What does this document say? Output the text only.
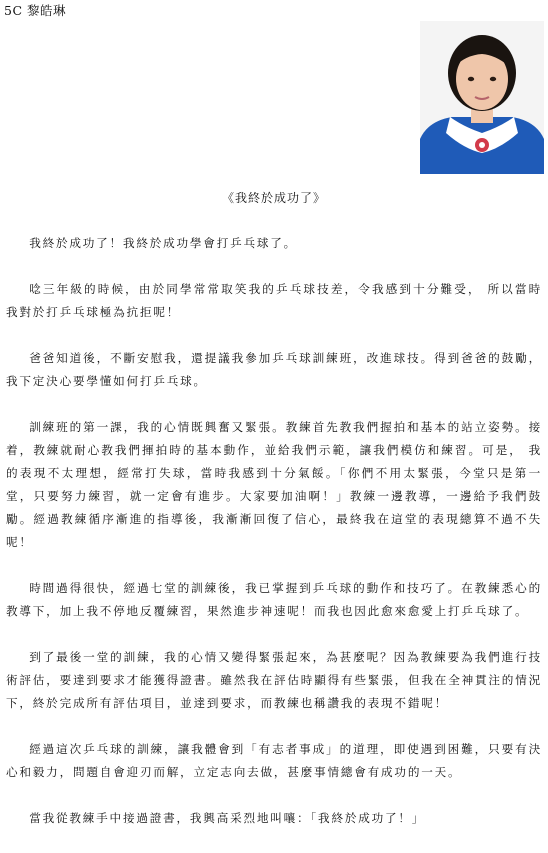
5C 黎皓琳
《我終於成功了》

我終於成功了！我終於成功學會打乒乓球了。

唸三年級的時候，由於同學常常取笑我的乒乓球技差，令我感到十分難受， 所以當時我對於打乒乓球極為抗拒呢！

爸爸知道後，不斷安慰我，還提議我參加乒乓球訓練班，改進球技。得到爸爸的鼓勵，我下定決心要學懂如何打乒乓球。

訓練班的第一課，我的心情既興奮又緊張。教練首先教我們握拍和基本的站立姿勢。接着，教練就耐心教我們揮拍時的基本動作，並給我們示範，讓我們模仿和練習。可是， 我的表現不太理想，經常打失球，當時我感到十分氣餒。「你們不用太緊張，今堂只是第一堂，只要努力練習，就一定會有進步。大家要加油啊！」教練一邊教導，一邊給予我們鼓勵。經過教練循序漸進的指導後，我漸漸回復了信心，最終我在這堂的表現總算不過不失呢！

時間過得很快，經過七堂的訓練後，我已掌握到乒乓球的動作和技巧了。在教練悉心的教導下，加上我不停地反覆練習，果然進步神速呢！而我也因此愈來愈愛上打乒乓球了。

到了最後一堂的訓練，我的心情又變得緊張起來，為甚麼呢？因為教練要為我們進行技術評估，要達到要求才能獲得證書。雖然我在評估時顯得有些緊張，但我在全神貫注的情況下，終於完成所有評估項目，並達到要求，而教練也稱讚我的表現不錯呢！

經過這次乒乓球的訓練，讓我體會到「有志者事成」的道理，即使遇到困難，只要有決心和毅力，問題自會迎刃而解，立定志向去做，甚麼事情總會有成功的一天。

當我從教練手中接過證書，我興高采烈地叫嚷：「我終於成功了！」
